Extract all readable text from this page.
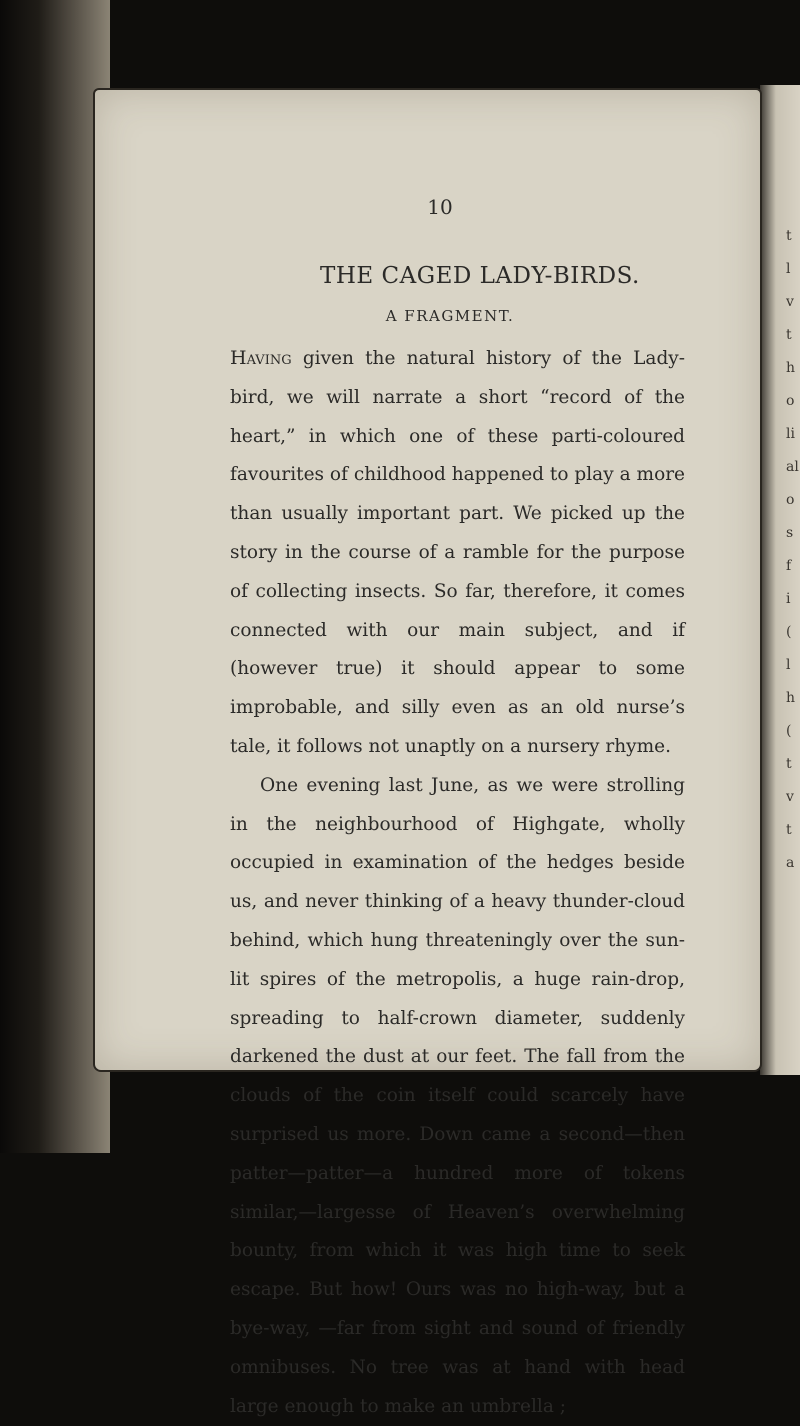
t
l
v
t
h
o
li
al
o
s
f
i
(
l
h
(
t
v
t
a
10
THE CAGED LADY-BIRDS.
A FRAGMENT.

Having given the natural history of the Lady-bird, we will narrate a short “record of the heart,” in which one of these parti-coloured favourites of childhood happened to play a more than usually important part. We picked up the story in the course of a ramble for the purpose of collecting insects. So far, therefore, it comes connected with our main subject, and if (however true) it should appear to some improbable, and silly even as an old nurse’s tale, it follows not unaptly on a nursery rhyme.

One evening last June, as we were strolling in the neighbourhood of Highgate, wholly occupied in examination of the hedges beside us, and never thinking of a heavy thunder-cloud behind, which hung threateningly over the sun-lit spires of the metropolis, a huge rain-drop, spreading to half-crown diameter, suddenly darkened the dust at our feet. The fall from the clouds of the coin itself could scarcely have surprised us more. Down came a second—then patter—patter—a hundred more of tokens similar,—largesse of Heaven’s overwhelming bounty, from which it was high time to seek escape. But how! Ours was no high-way, but a bye-way, —far from sight and sound of friendly omnibuses. No tree was at hand with head large enough to make an umbrella ;
